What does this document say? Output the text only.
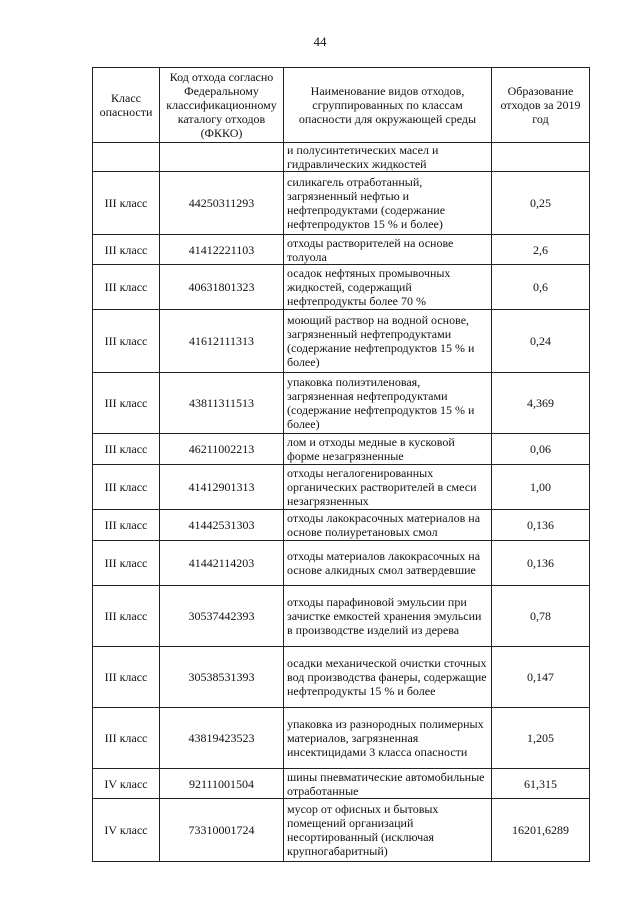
44
Класс опасности	Код отхода согласно Федеральному классификационному каталогу отходов (ФККО)	Наименование видов отходов, сгруппированных по классам опасности для окружающей среды	Образование отходов за 2019 год
		и полусинтетических масел и гидравлических жидкостей	
III класс	44250311293	силикагель отработанный, загрязненный нефтью и нефтепродуктами (содержание нефтепродуктов 15 % и более)	0,25
III класс	41412221103	отходы растворителей на основе толуола	2,6
III класс	40631801323	осадок нефтяных промывочных жидкостей, содержащий нефтепродукты более 70 %	0,6
III класс	41612111313	моющий раствор на водной основе, загрязненный нефтепродуктами (содержание нефтепродуктов 15 % и более)	0,24
III класс	43811311513	упаковка полиэтиленовая, загрязненная нефтепродуктами (содержание нефтепродуктов 15 % и более)	4,369
III класс	46211002213	лом и отходы медные в кусковой форме незагрязненные	0,06
III класс	41412901313	отходы негалогенированных органических растворителей в смеси незагрязненных	1,00
III класс	41442531303	отходы лакокрасочных материалов на основе полиуретановых смол	0,136
III класс	41442114203	отходы материалов лакокрасочных на основе алкидных смол затвердевшие	0,136
III класс	30537442393	отходы парафиновой эмульсии при зачистке емкостей хранения эмульсии в производстве изделий из дерева	0,78
III класс	30538531393	осадки механической очистки сточных вод производства фанеры, содержащие нефтепродукты 15 % и более	0,147
III класс	43819423523	упаковка из разнородных полимерных материалов, загрязненная инсектицидами 3 класса опасности	1,205
IV класс	92111001504	шины пневматические автомобильные отработанные	61,315
IV класс	73310001724	мусор от офисных и бытовых помещений организаций несортированный (исключая крупногабаритный)	16201,6289
